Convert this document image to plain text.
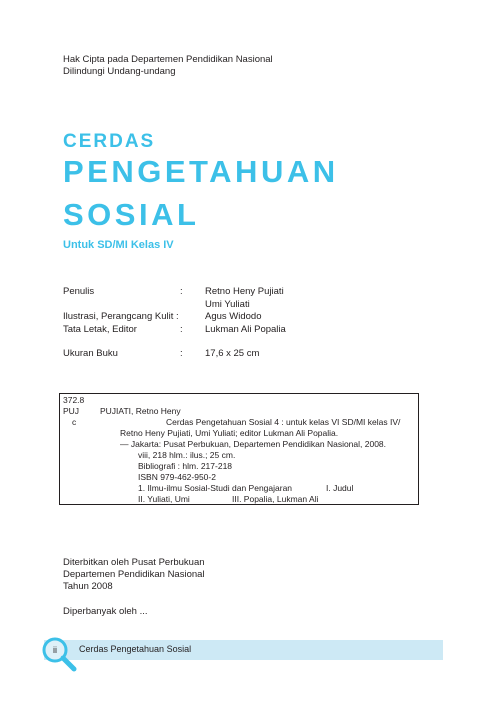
Hak Cipta pada Departemen Pendidikan Nasional
Dilindungi Undang-undang
CERDAS
PENGETAHUAN
SOSIAL
Untuk SD/MI Kelas IV
Penulis	:	Retno Heny Pujiati
		Umi Yuliati
Ilustrasi, Perangcang Kulit :		Agus Widodo
Tata Letak, Editor	:	Lukman Ali Popalia

Ukuran Buku	:	17,6 x 25 cm
372.8
PUJ PUJIATI, Retno Heny
c	Cerdas Pengetahuan Sosial 4 : untuk kelas VI SD/MI kelas IV/
Retno Heny Pujiati, Umi Yuliati; editor Lukman Ali Popalia.
— Jakarta: Pusat Perbukuan, Departemen Pendidikan Nasional, 2008.
viii, 218 hlm.: ilus.; 25 cm.
Bibliografi : hlm. 217-218
ISBN 979-462-950-2
1. Ilmu-ilmu Sosial-Studi dan Pengajaran	I. Judul
II. Yuliati, Umi	III. Popalia, Lukman Ali
Diterbitkan oleh Pusat Perbukuan
Departemen Pendidikan Nasional
Tahun 2008
Diperbanyak oleh ...
ii	Cerdas Pengetahuan Sosial
